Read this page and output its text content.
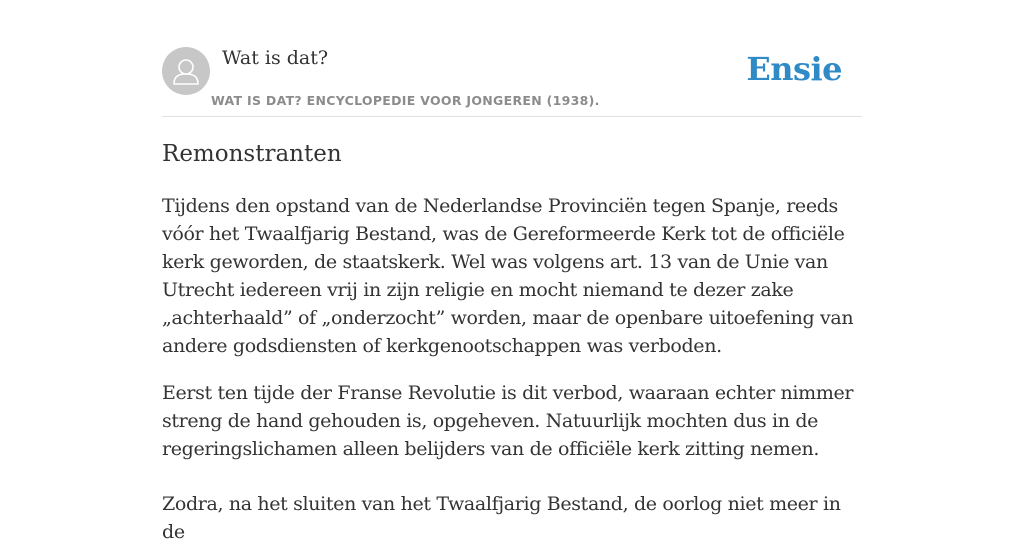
Wat is dat?
WAT IS DAT? ENCYCLOPEDIE VOOR JONGEREN (1938).
Ensie
Remonstranten

Tijdens den opstand van de Nederlandse Provinciën tegen Spanje, reeds vóór het Twaalfjarig Bestand, was de Gereformeerde Kerk tot de officiële kerk geworden, de staatskerk. Wel was volgens art. 13 van de Unie van Utrecht iedereen vrij in zijn religie en mocht niemand te dezer zake „achterhaald” of „onderzocht” worden, maar de openbare uitoefening van andere godsdiensten of kerkgenootschappen was verboden.

Eerst ten tijde der Franse Revolutie is dit verbod, waaraan echter nimmer streng de hand gehouden is, opgeheven. Natuurlijk mochten dus in de regeringslichamen alleen belijders van de officiële kerk zitting nemen.

Zodra, na het sluiten van het Twaalfjarig Bestand, de oorlog niet meer in de
